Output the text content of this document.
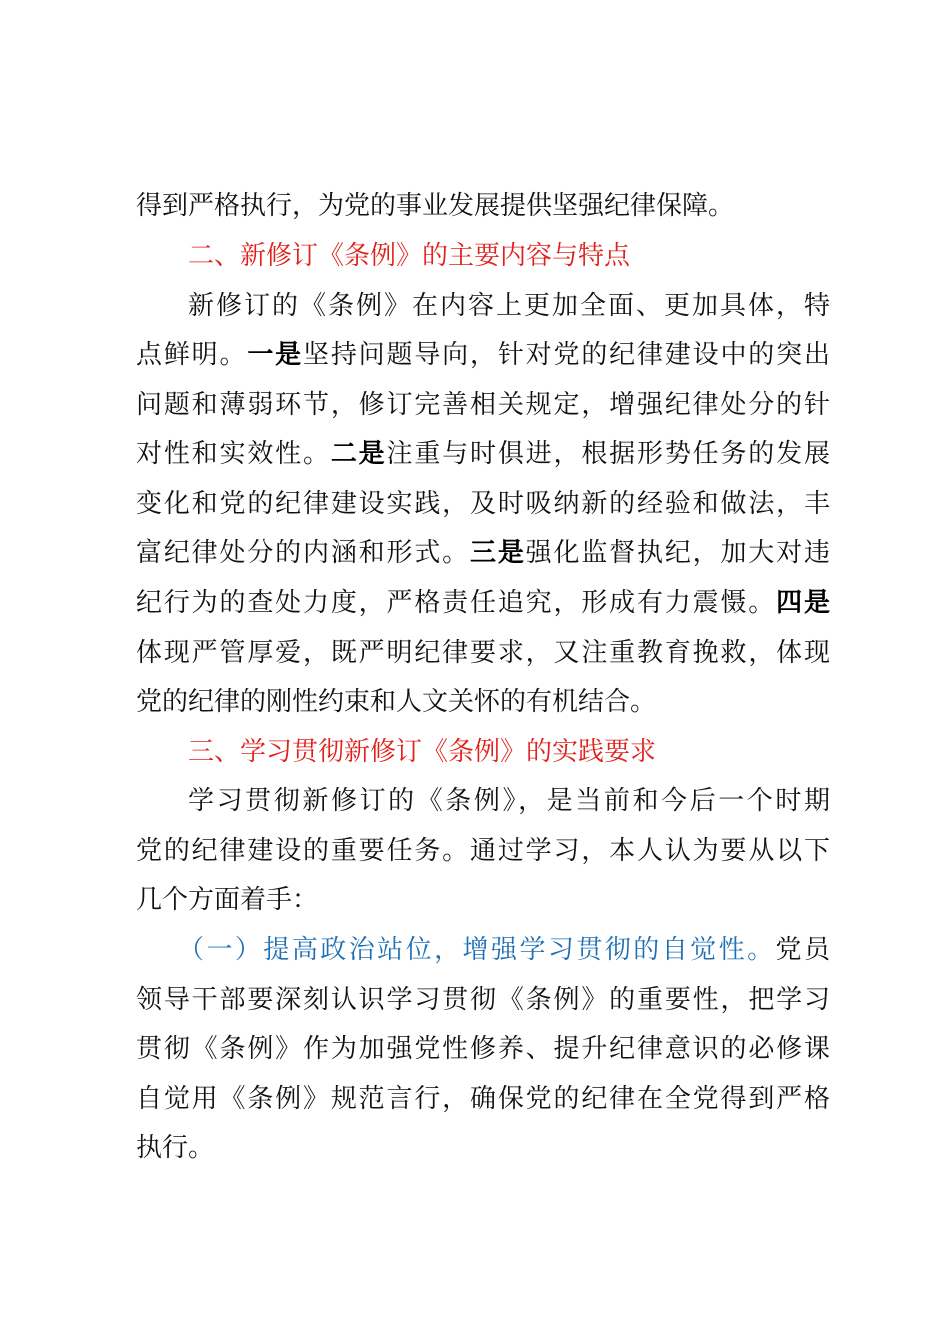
得到严格执行，为党的事业发展提供坚强纪律保障。
二、新修订《条例》的主要内容与特点
新修订的《条例》在内容上更加全面、更加具体，特
点鲜明。一是坚持问题导向，针对党的纪律建设中的突出
问题和薄弱环节，修订完善相关规定，增强纪律处分的针
对性和实效性。二是注重与时俱进，根据形势任务的发展
变化和党的纪律建设实践，及时吸纳新的经验和做法，丰
富纪律处分的内涵和形式。三是强化监督执纪，加大对违
纪行为的查处力度，严格责任追究，形成有力震慑。四是
体现严管厚爱，既严明纪律要求，又注重教育挽救，体现
党的纪律的刚性约束和人文关怀的有机结合。
三、学习贯彻新修订《条例》的实践要求
学习贯彻新修订的《条例》，是当前和今后一个时期
党的纪律建设的重要任务。通过学习，本人认为要从以下
几个方面着手：
（一）提高政治站位，增强学习贯彻的自觉性。党员
领导干部要深刻认识学习贯彻《条例》的重要性，把学习
贯彻《条例》作为加强党性修养、提升纪律意识的必修课
自觉用《条例》规范言行，确保党的纪律在全党得到严格
执行。
